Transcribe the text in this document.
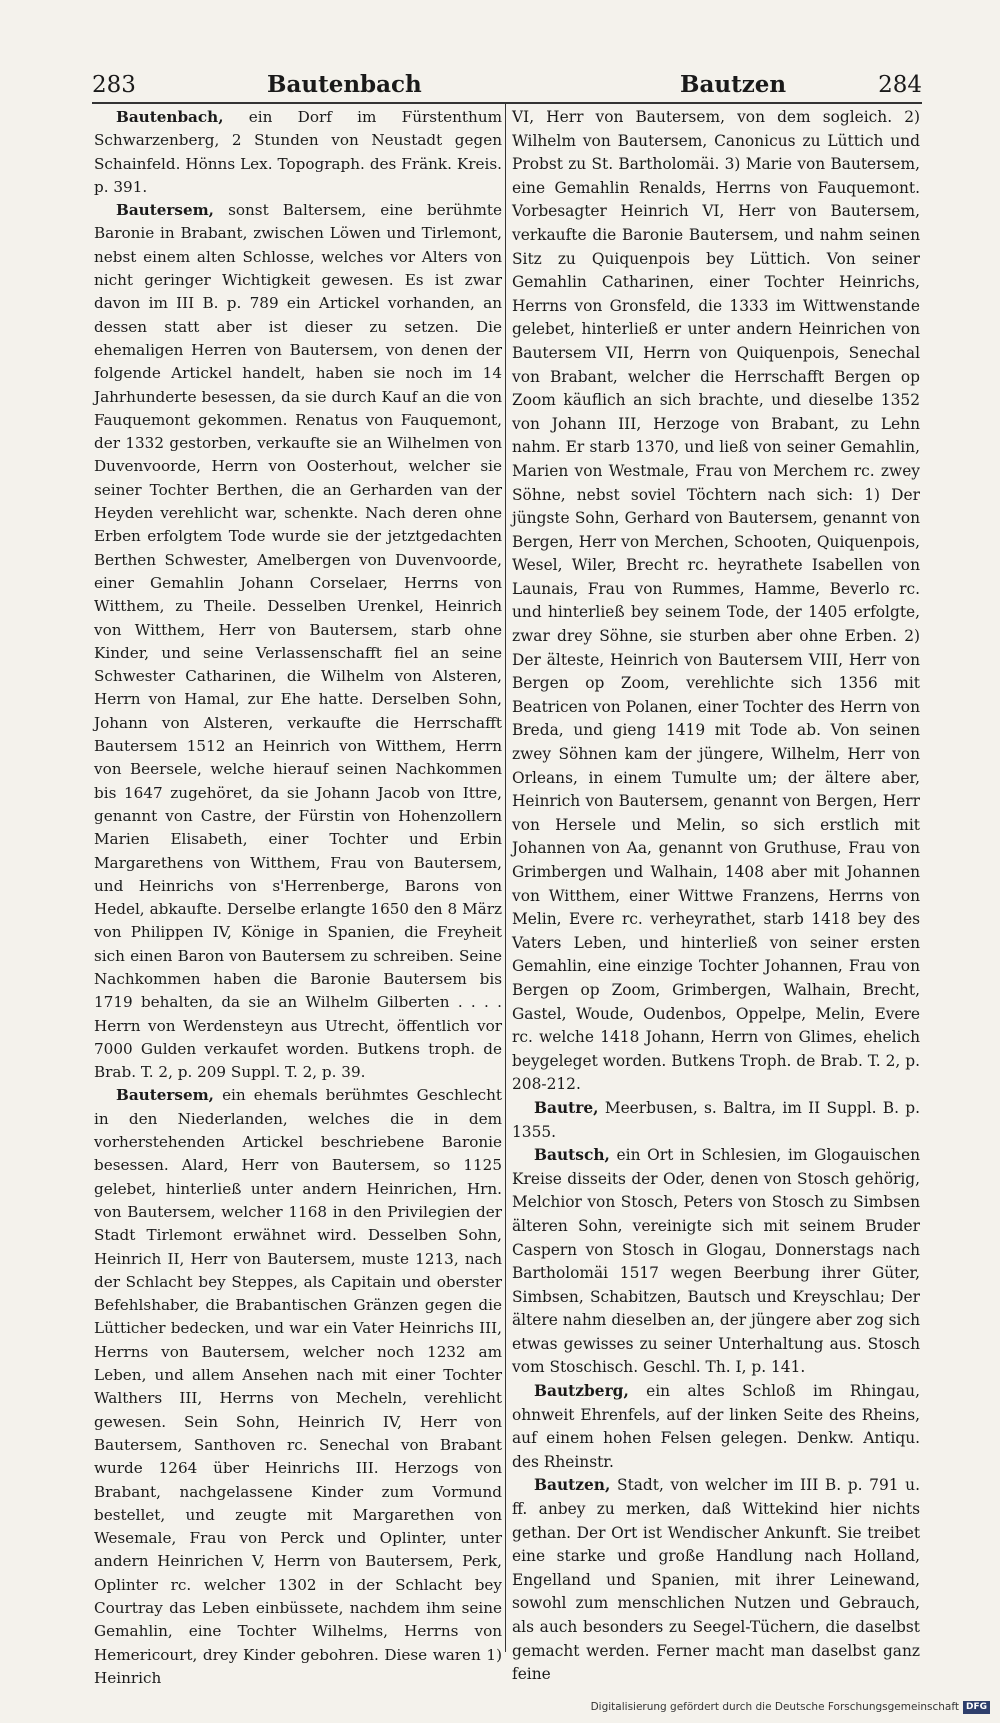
283	Bautenbach	Bautzen	284

Bautenbach, ein Dorf im Fürstenthum Schwarzenberg, 2 Stunden von Neustadt gegen Schainfeld. Hönns Lex. Topograph. des Fränk. Kreis. p. 391.

Bautersem, sonst Baltersem, eine berühmte Baronie in Brabant, zwischen Löwen und Tirlemont, nebst einem alten Schlosse, welches vor Alters von nicht geringer Wichtigkeit gewesen. Es ist zwar davon im III B. p. 789 ein Artickel vorhanden, an dessen statt aber ist dieser zu setzen. Die ehemaligen Herren von Bautersem, von denen der folgende Artickel handelt, haben sie noch im 14 Jahrhunderte besessen, da sie durch Kauf an die von Fauquemont gekommen. Renatus von Fauquemont, der 1332 gestorben, verkaufte sie an Wilhelmen von Duvenvoorde, Herrn von Oosterhout, welcher sie seiner Tochter Berthen, die an Gerharden van der Heyden verehlicht war, schenkte. Nach deren ohne Erben erfolgtem Tode wurde sie der jetztgedachten Berthen Schwester, Amelbergen von Duvenvoorde, einer Gemahlin Johann Corselaer, Herrns von Witthem, zu Theile. Desselben Urenkel, Heinrich von Witthem, Herr von Bautersem, starb ohne Kinder, und seine Verlassenschafft fiel an seine Schwester Catharinen, die Wilhelm von Alsteren, Herrn von Hamal, zur Ehe hatte. Derselben Sohn, Johann von Alsteren, verkaufte die Herrschafft Bautersem 1512 an Heinrich von Witthem, Herrn von Beersele, welche hierauf seinen Nachkommen bis 1647 zugehöret, da sie Johann Jacob von Ittre, genannt von Castre, der Fürstin von Hohenzollern Marien Elisabeth, einer Tochter und Erbin Margarethens von Witthem, Frau von Bautersem, und Heinrichs von s'Herrenberge, Barons von Hedel, abkaufte. Derselbe erlangte 1650 den 8 März von Philippen IV, Könige in Spanien, die Freyheit sich einen Baron von Bautersem zu schreiben. Seine Nachkommen haben die Baronie Bautersem bis 1719 behalten, da sie an Wilhelm Gilberten . . . . Herrn von Werdensteyn aus Utrecht, öffentlich vor 7000 Gulden verkaufet worden. Butkens troph. de Brab. T. 2, p. 209 Suppl. T. 2, p. 39.

Bautersem, ein ehemals berühmtes Geschlecht in den Niederlanden, welches die in dem vorherstehenden Artickel beschriebene Baronie besessen. Alard, Herr von Bautersem, so 1125 gelebet, hinterließ unter andern Heinrichen, Hrn. von Bautersem, welcher 1168 in den Privilegien der Stadt Tirlemont erwähnet wird. Desselben Sohn, Heinrich II, Herr von Bautersem, muste 1213, nach der Schlacht bey Steppes, als Capitain und oberster Befehlshaber, die Brabantischen Gränzen gegen die Lütticher bedecken, und war ein Vater Heinrichs III, Herrns von Bautersem, welcher noch 1232 am Leben, und allem Ansehen nach mit einer Tochter Walthers III, Herrns von Mecheln, verehlicht gewesen. Sein Sohn, Heinrich IV, Herr von Bautersem, Santhoven rc. Senechal von Brabant wurde 1264 über Heinrichs III. Herzogs von Brabant, nachgelassene Kinder zum Vormund bestellet, und zeugte mit Margarethen von Wesemale, Frau von Perck und Oplinter, unter andern Heinrichen V, Herrn von Bautersem, Perk, Oplinter rc. welcher 1302 in der Schlacht bey Courtray das Leben einbüssete, nachdem ihm seine Gemahlin, eine Tochter Wilhelms, Herrns von Hemericourt, drey Kinder gebohren. Diese waren 1) Heinrich

VI, Herr von Bautersem, von dem sogleich. 2) Wilhelm von Bautersem, Canonicus zu Lüttich und Probst zu St. Bartholomäi. 3) Marie von Bautersem, eine Gemahlin Renalds, Herrns von Fauquemont. Vorbesagter Heinrich VI, Herr von Bautersem, verkaufte die Baronie Bautersem, und nahm seinen Sitz zu Quiquenpois bey Lüttich. Von seiner Gemahlin Catharinen, einer Tochter Heinrichs, Herrns von Gronsfeld, die 1333 im Wittwenstande gelebet, hinterließ er unter andern Heinrichen von Bautersem VII, Herrn von Quiquenpois, Senechal von Brabant, welcher die Herrschafft Bergen op Zoom käuflich an sich brachte, und dieselbe 1352 von Johann III, Herzoge von Brabant, zu Lehn nahm. Er starb 1370, und ließ von seiner Gemahlin, Marien von Westmale, Frau von Merchem rc. zwey Söhne, nebst soviel Töchtern nach sich: 1) Der jüngste Sohn, Gerhard von Bautersem, genannt von Bergen, Herr von Merchen, Schooten, Quiquenpois, Wesel, Wiler, Brecht rc. heyrathete Isabellen von Launais, Frau von Rummes, Hamme, Beverlo rc. und hinterließ bey seinem Tode, der 1405 erfolgte, zwar drey Söhne, sie sturben aber ohne Erben. 2) Der älteste, Heinrich von Bautersem VIII, Herr von Bergen op Zoom, verehlichte sich 1356 mit Beatricen von Polanen, einer Tochter des Herrn von Breda, und gieng 1419 mit Tode ab. Von seinen zwey Söhnen kam der jüngere, Wilhelm, Herr von Orleans, in einem Tumulte um; der ältere aber, Heinrich von Bautersem, genannt von Bergen, Herr von Hersele und Melin, so sich erstlich mit Johannen von Aa, genannt von Gruthuse, Frau von Grimbergen und Walhain, 1408 aber mit Johannen von Witthem, einer Wittwe Franzens, Herrns von Melin, Evere rc. verheyrathet, starb 1418 bey des Vaters Leben, und hinterließ von seiner ersten Gemahlin, eine einzige Tochter Johannen, Frau von Bergen op Zoom, Grimbergen, Walhain, Brecht, Gastel, Woude, Oudenbos, Oppelpe, Melin, Evere rc. welche 1418 Johann, Herrn von Glimes, ehelich beygeleget worden. Butkens Troph. de Brab. T. 2, p. 208-212.

Bautre, Meerbusen, s. Baltra, im II Suppl. B. p. 1355.

Bautsch, ein Ort in Schlesien, im Glogauischen Kreise disseits der Oder, denen von Stosch gehörig, Melchior von Stosch, Peters von Stosch zu Simbsen älteren Sohn, vereinigte sich mit seinem Bruder Caspern von Stosch in Glogau, Donnerstags nach Bartholomäi 1517 wegen Beerbung ihrer Güter, Simbsen, Schabitzen, Bautsch und Kreyschlau; Der ältere nahm dieselben an, der jüngere aber zog sich etwas gewisses zu seiner Unterhaltung aus. Stosch vom Stoschisch. Geschl. Th. I, p. 141.

Bautzberg, ein altes Schloß im Rhingau, ohnweit Ehrenfels, auf der linken Seite des Rheins, auf einem hohen Felsen gelegen. Denkw. Antiqu. des Rheinstr.

Bautzen, Stadt, von welcher im III B. p. 791 u. ff. anbey zu merken, daß Wittekind hier nichts gethan. Der Ort ist Wendischer Ankunft. Sie treibet eine starke und große Handlung nach Holland, Engelland und Spanien, mit ihrer Leinewand, sowohl zum menschlichen Nutzen und Gebrauch, als auch besonders zu Seegel-Tüchern, die daselbst gemacht werden. Ferner macht man daselbst ganz feine

Digitalisierung gefördert durch die Deutsche Forschungsgemeinschaft DFG
